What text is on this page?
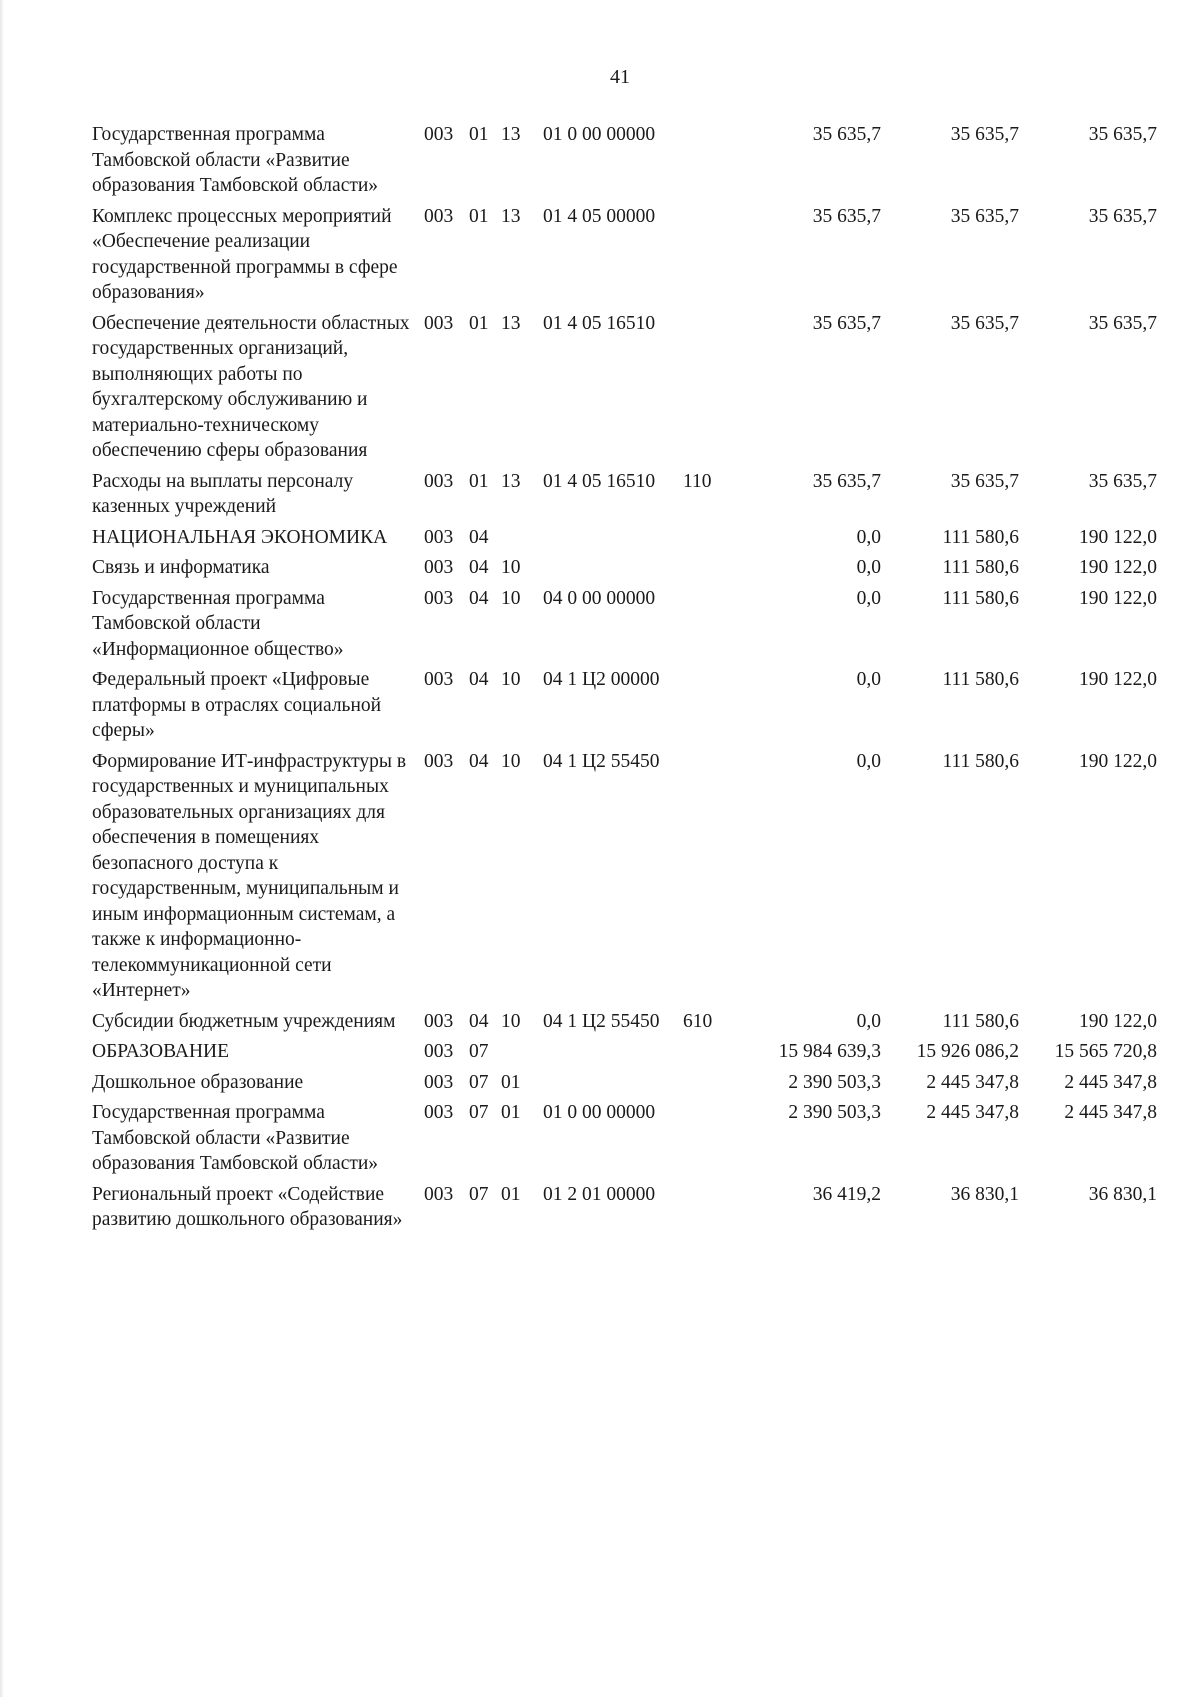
41
Государственная программа Тамбовской области «Развитие образования Тамбовской области»
003 01 13	01 0 00 00000	35 635,7	35 635,7	35 635,7
Комплекс процессных мероприятий «Обеспечение реализации государственной программы в сфере образования»
003 01 13	01 4 05 00000	35 635,7	35 635,7	35 635,7
Обеспечение деятельности областных государственных организаций, выполняющих работы по бухгалтерскому обслуживанию и материально-техническому обеспечению сферы образования
003 01 13	01 4 05 16510	35 635,7	35 635,7	35 635,7
Расходы на выплаты персоналу казенных учреждений
003 01 13	01 4 05 16510	110	35 635,7	35 635,7	35 635,7
НАЦИОНАЛЬНАЯ ЭКОНОМИКА	003 04	0,0	111 580,6	190 122,0
Связь и информатика	003 04 10	0,0	111 580,6	190 122,0
Государственная программа Тамбовской области «Информационное общество»
003 04 10	04 0 00 00000	0,0	111 580,6	190 122,0
Федеральный проект «Цифровые платформы в отраслях социальной сферы»
003 04 10	04 1 Ц2 00000	0,0	111 580,6	190 122,0
Формирование ИТ-инфраструктуры в государственных и муниципальных образовательных организациях для обеспечения в помещениях безопасного доступа к государственным, муниципальным и иным информационным системам, а также к информационно-телекоммуникационной сети «Интернет»
003 04 10	04 1 Ц2 55450	0,0	111 580,6	190 122,0
Субсидии бюджетным учреждениям	003 04 10	04 1 Ц2 55450	610	0,0	111 580,6	190 122,0
ОБРАЗОВАНИЕ	003 07	15 984 639,3	15 926 086,2	15 565 720,8
Дошкольное образование	003 07 01	2 390 503,3	2 445 347,8	2 445 347,8
Государственная программа Тамбовской области «Развитие образования Тамбовской области»
003 07 01	01 0 00 00000	2 390 503,3	2 445 347,8	2 445 347,8
Региональный проект «Содействие развитию дошкольного образования»
003 07 01	01 2 01 00000	36 419,2	36 830,1	36 830,1
